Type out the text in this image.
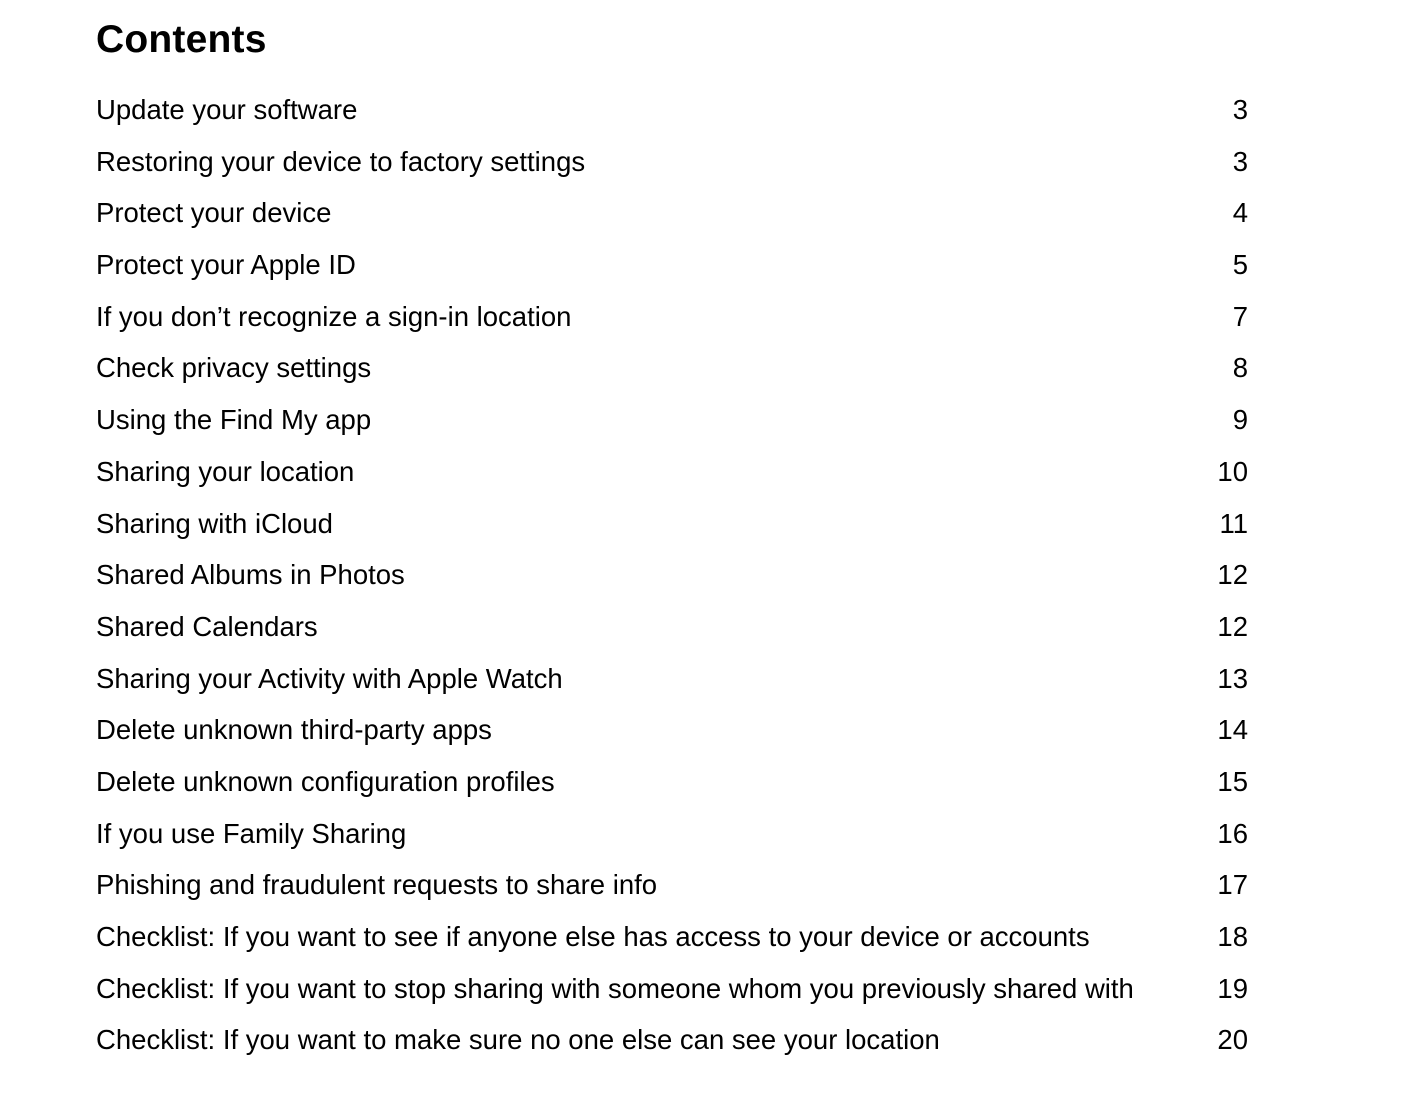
Contents
Update your software	3
Restoring your device to factory settings	3
Protect your device	4
Protect your Apple ID	5
If you don’t recognize a sign-in location	7
Check privacy settings	8
Using the Find My app	9
Sharing your location	10
Sharing with iCloud	11
Shared Albums in Photos	12
Shared Calendars	12
Sharing your Activity with Apple Watch	13
Delete unknown third-party apps	14
Delete unknown configuration profiles	15
If you use Family Sharing	16
Phishing and fraudulent requests to share info	17
Checklist: If you want to see if anyone else has access to your device or accounts	18
Checklist: If you want to stop sharing with someone whom you previously shared with	19
Checklist: If you want to make sure no one else can see your location	20
